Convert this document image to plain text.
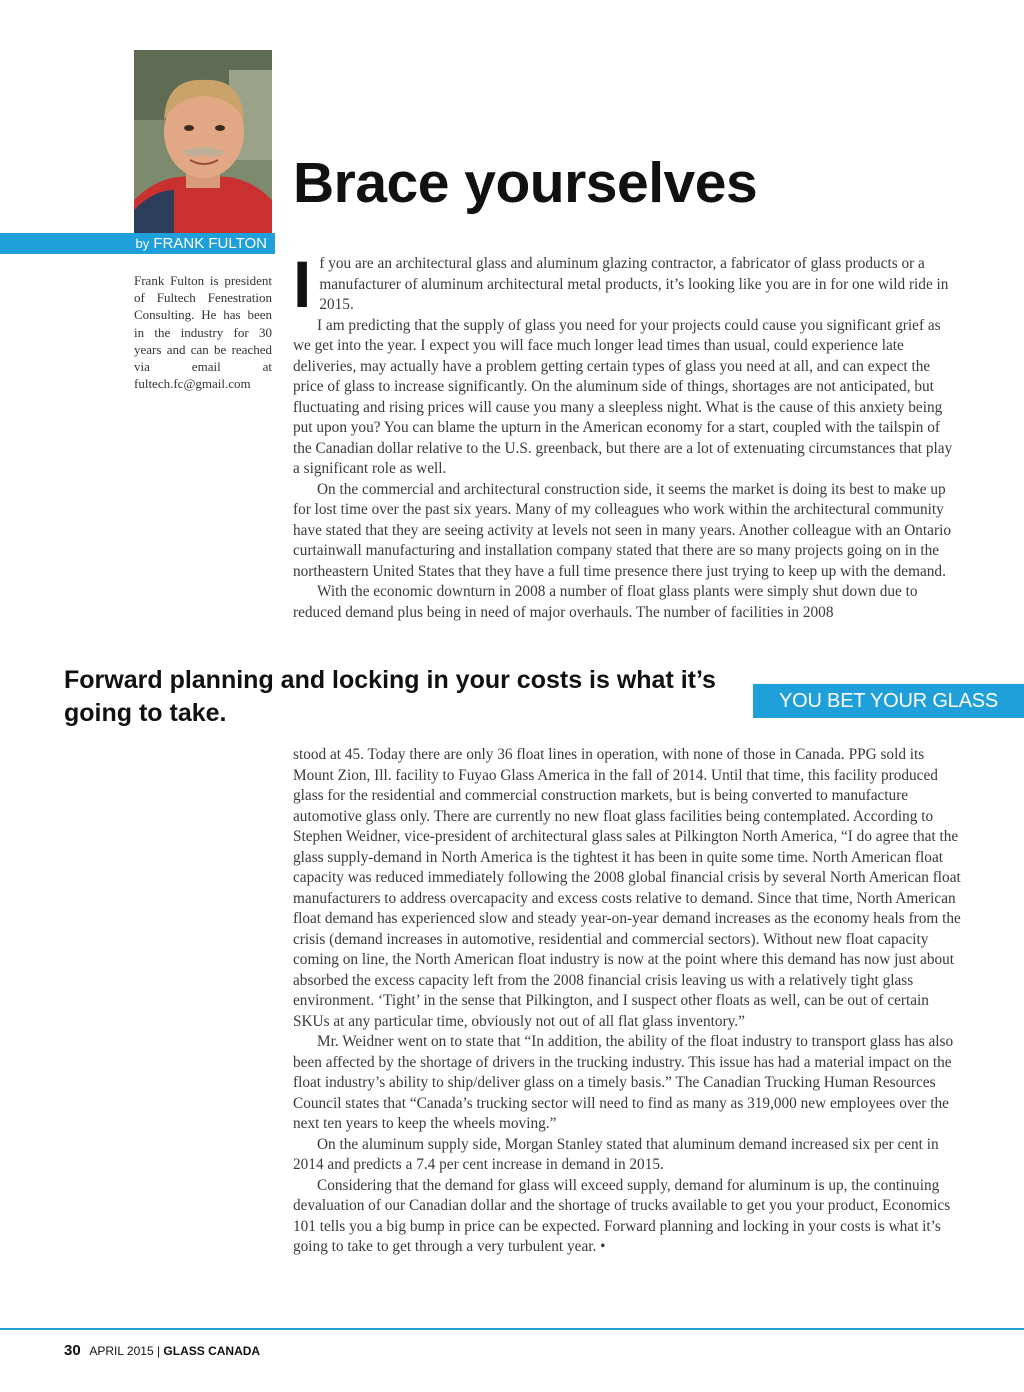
by FRANK FULTON
Brace yourselves
Frank Fulton is president of Fultech Fenestration Consulting. He has been in the industry for 30 years and can be reached via email at fultech.fc@gmail.com

If you are an architectural glass and aluminum glazing contractor, a fabricator of glass products or a manufacturer of aluminum architectural metal products, it’s looking like you are in for one wild ride in 2015.

I am predicting that the supply of glass you need for your projects could cause you significant grief as we get into the year. I expect you will face much longer lead times than usual, could experience late deliveries, may actually have a problem getting certain types of glass you need at all, and can expect the price of glass to increase significantly. On the aluminum side of things, shortages are not anticipated, but fluctuating and rising prices will cause you many a sleepless night. What is the cause of this anxiety being put upon you? You can blame the upturn in the American economy for a start, coupled with the tailspin of the Canadian dollar relative to the U.S. greenback, but there are a lot of extenuating circumstances that play a significant role as well.

On the commercial and architectural construction side, it seems the market is doing its best to make up for lost time over the past six years. Many of my colleagues who work within the architectural community have stated that they are seeing activity at levels not seen in many years. Another colleague with an Ontario curtainwall manufacturing and installation company stated that there are so many projects going on in the northeastern United States that they have a full time presence there just trying to keep up with the demand.

With the economic downturn in 2008 a number of float glass plants were simply shut down due to reduced demand plus being in need of major overhauls. The number of facilities in 2008

Forward planning and locking in your costs is what it’s going to take.	YOU BET YOUR GLASS

stood at 45. Today there are only 36 float lines in operation, with none of those in Canada. PPG sold its Mount Zion, Ill. facility to Fuyao Glass America in the fall of 2014. Until that time, this facility produced glass for the residential and commercial construction markets, but is being converted to manufacture automotive glass only. There are currently no new float glass facilities being contemplated. According to Stephen Weidner, vice-president of architectural glass sales at Pilkington North America, “I do agree that the glass supply-demand in North America is the tightest it has been in quite some time. North American float capacity was reduced immediately following the 2008 global financial crisis by several North American float manufacturers to address overcapacity and excess costs relative to demand. Since that time, North American float demand has experienced slow and steady year-on-year demand increases as the economy heals from the crisis (demand increases in automotive, residential and commercial sectors). Without new float capacity coming on line, the North American float industry is now at the point where this demand has now just about absorbed the excess capacity left from the 2008 financial crisis leaving us with a relatively tight glass environment. ‘Tight’ in the sense that Pilkington, and I suspect other floats as well, can be out of certain SKUs at any particular time, obviously not out of all flat glass inventory.”

Mr. Weidner went on to state that “In addition, the ability of the float industry to transport glass has also been affected by the shortage of drivers in the trucking industry. This issue has had a material impact on the float industry’s ability to ship/deliver glass on a timely basis.” The Canadian Trucking Human Resources Council states that “Canada’s trucking sector will need to find as many as 319,000 new employees over the next ten years to keep the wheels moving.”

On the aluminum supply side, Morgan Stanley stated that aluminum demand increased six per cent in 2014 and predicts a 7.4 per cent increase in demand in 2015.

Considering that the demand for glass will exceed supply, demand for aluminum is up, the continuing devaluation of our Canadian dollar and the shortage of trucks available to get you your product, Economics 101 tells you a big bump in price can be expected. Forward planning and locking in your costs is what it’s going to take to get through a very turbulent year. •

30 APRIL 2015 | GLASS CANADA
